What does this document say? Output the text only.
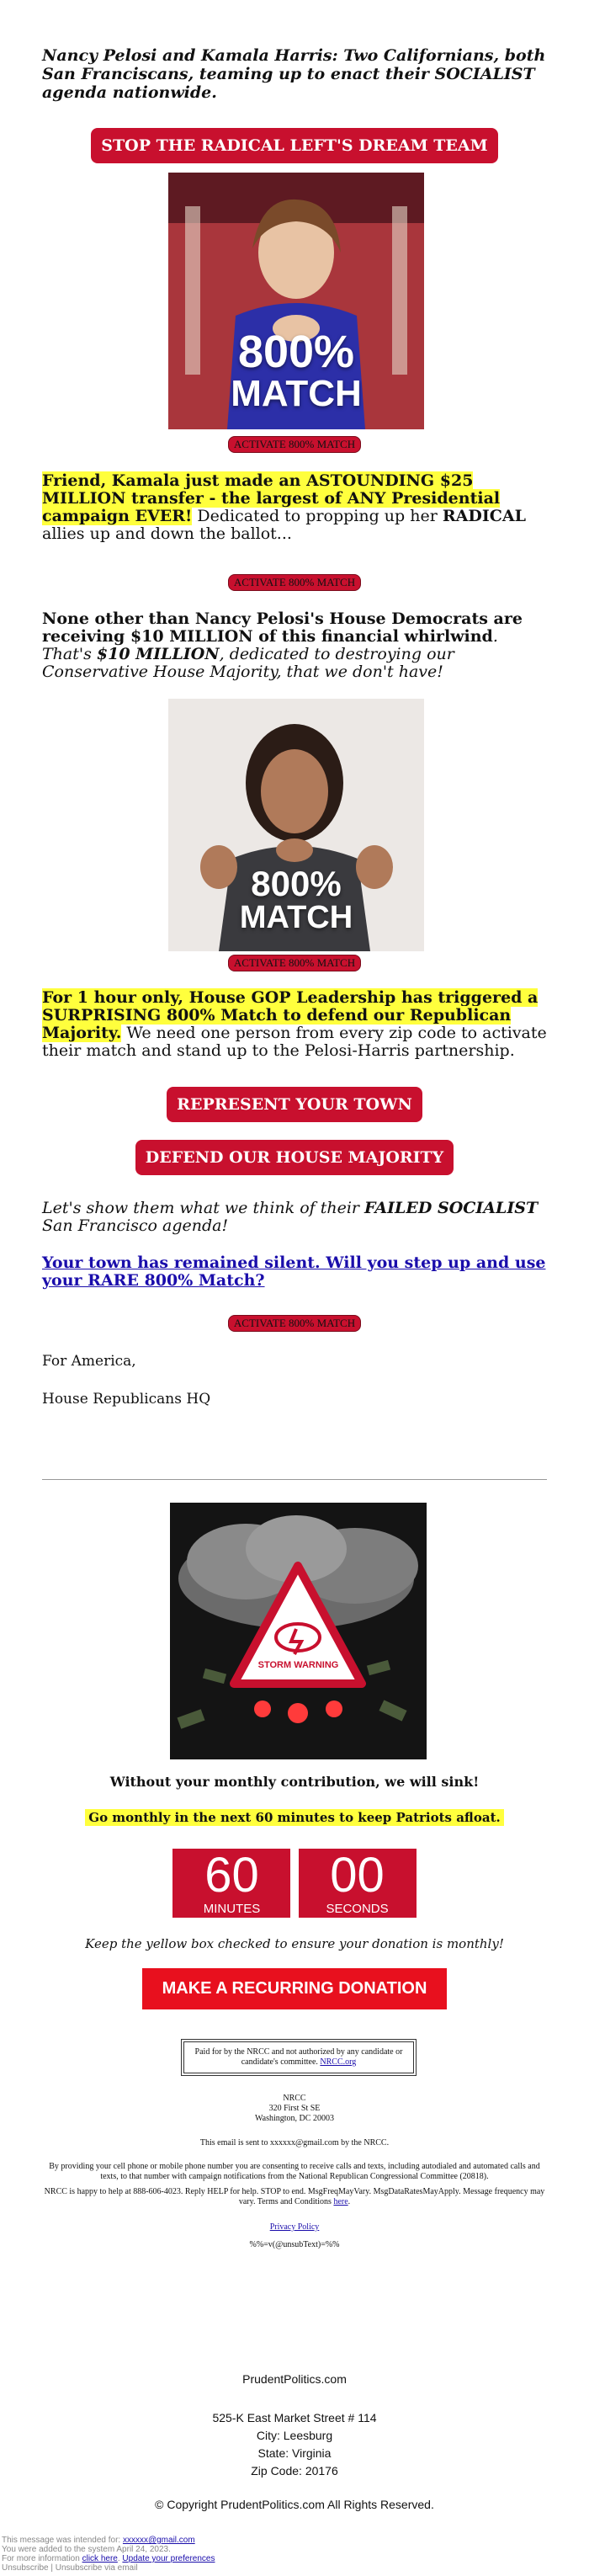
Nancy Pelosi and Kamala Harris: Two Californians, both San Franciscans, teaming up to enact their SOCIALIST agenda nationwide.
STOP THE RADICAL LEFT'S DREAM TEAM
800%
MATCH
ACTIVATE 800% MATCH
Friend, Kamala just made an ASTOUNDING $25 MILLION transfer - the largest of ANY Presidential campaign EVER! Dedicated to propping up her RADICAL allies up and down the ballot...
ACTIVATE 800% MATCH
None other than Nancy Pelosi's House Democrats are receiving $10 MILLION of this financial whirlwind. That's $10 MILLION, dedicated to destroying our Conservative House Majority, that we don't have!
800%
MATCH
ACTIVATE 800% MATCH
For 1 hour only, House GOP Leadership has triggered a SURPRISING 800% Match to defend our Republican Majority. We need one person from every zip code to activate their match and stand up to the Pelosi-Harris partnership.
REPRESENT YOUR TOWN
DEFEND OUR HOUSE MAJORITY
Let's show them what we think of their FAILED SOCIALIST San Francisco agenda!
Your town has remained silent. Will you step up and use your RARE 800% Match?
ACTIVATE 800% MATCH
For America,
House Republicans HQ
STORM WARNING
Without your monthly contribution, we will sink!
Go monthly in the next 60 minutes to keep Patriots afloat.
60
MINUTES

00
SECONDS
Keep the yellow box checked to ensure your donation is monthly!
MAKE A RECURRING DONATION
Paid for by the NRCC and not authorized by any candidate or candidate's committee. NRCC.org
NRCC
320 First St SE
Washington, DC 20003
This email is sent to xxxxxx@gmail.com by the NRCC.
By providing your cell phone or mobile phone number you are consenting to receive calls and texts, including autodialed and automated calls and texts, to that number with campaign notifications from the National Republican Congressional Committee (20818).
NRCC is happy to help at 888-606-4023. Reply HELP for help. STOP to end. MsgFreqMayVary. MsgDataRatesMayApply. Message frequency may vary. Terms and Conditions here.
Privacy Policy
%%=v(@unsubText)=%%
PrudentPolitics.com
525-K East Market Street # 114
City: Leesburg
State: Virginia
Zip Code: 20176
© Copyright PrudentPolitics.com All Rights Reserved.
This message was intended for: xxxxxx@gmail.com
You were added to the system April 24, 2023.
For more information click here. Update your preferences
Unsubscribe | Unsubscribe via email
